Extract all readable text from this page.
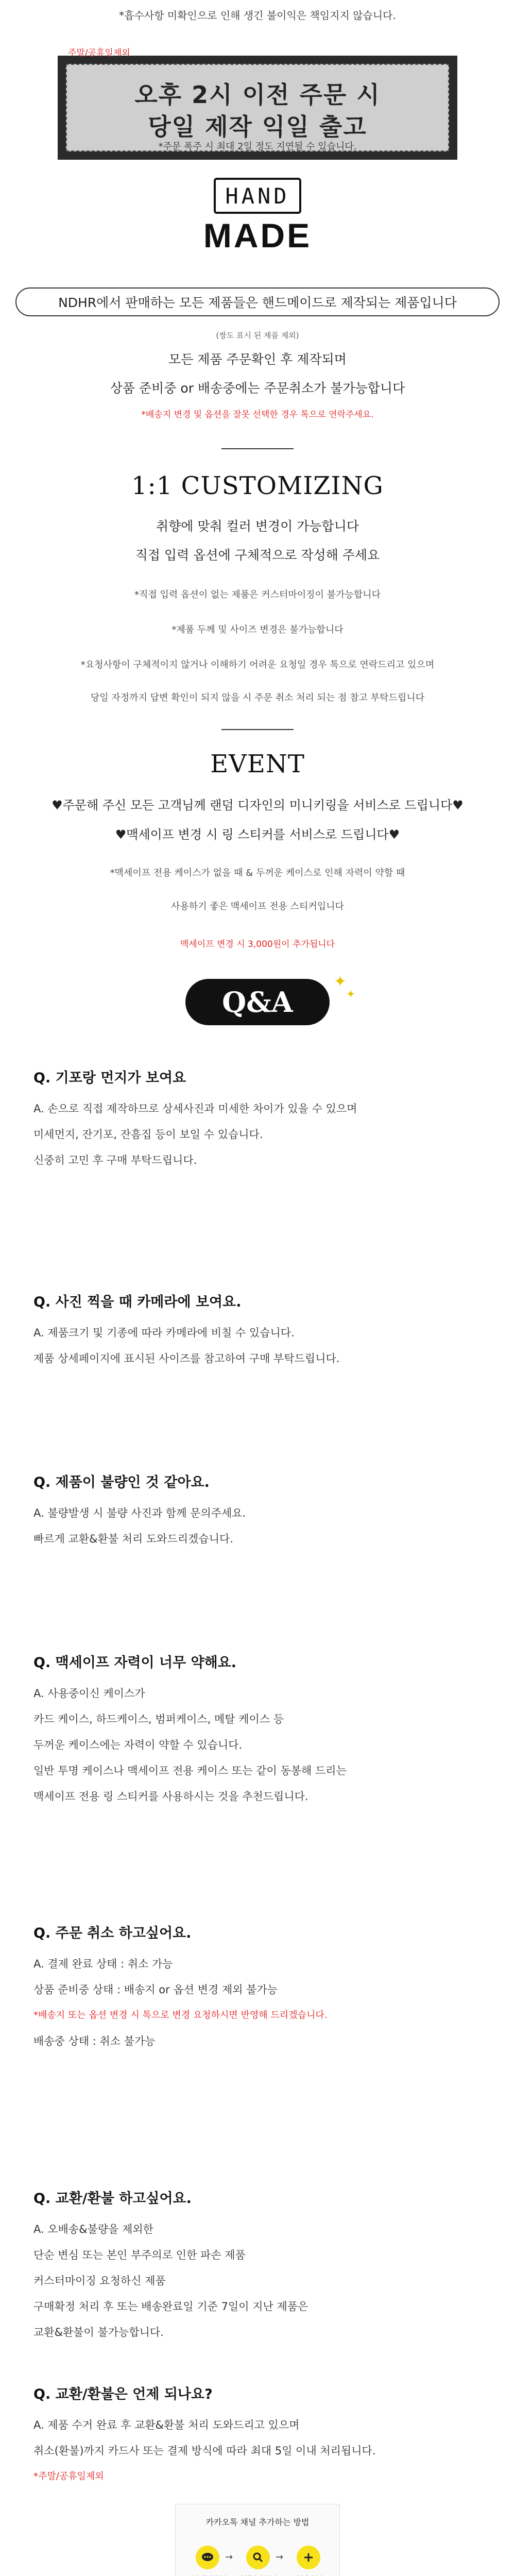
*흡수사항 미확인으로 인해 생긴 불이익은 책임지지 않습니다.
주말/공휴일제외
오후 2시 이전 주문 시
당일 제작 익일 출고
*주문 폭주 시 최대 2일 정도 지연될 수 있습니다.
HAND
MADE
NDHR에서 판매하는 모든 제품들은 핸드메이드로 제작되는 제품입니다
(쌍도 표시 된 제품 제외)
모든 제품 주문확인 후 제작되며
상품 준비중 or 배송중에는 주문취소가 불가능합니다
*배송지 변경 및 옵션을 잘못 선택한 경우 톡으로 연락주세요.
1:1 CUSTOMIZING
취향에 맞춰 컬러 변경이 가능합니다
직접 입력 옵션에 구체적으로 작성해 주세요
*직접 입력 옵션이 없는 제품은 커스터마이징이 불가능합니다
*제품 두께 및 사이즈 변경은 불가능합니다
*요청사항이 구체적이지 않거나 이해하기 어려운 요청일 경우 톡으로 연락드리고 있으며
당일 자정까지 답변 확인이 되지 않을 시 주문 취소 처리 되는 점 참고 부탁드립니다
EVENT
♥주문해 주신 모든 고객님께 랜덤 디자인의 미니키링을 서비스로 드립니다♥
♥맥세이프 변경 시 링 스티커를 서비스로 드립니다♥
*맥세이프 전용 케이스가 없을 때 & 두꺼운 케이스로 인해 자력이 약할 때
사용하기 좋은 맥세이프 전용 스티커입니다
맥세이프 변경 시 3,000원이 추가됩니다
Q&A
✦
✦
Q. 기포랑 먼지가 보여요
A. 손으로 직접 제작하므로 상세사진과 미세한 차이가 있을 수 있으며
미세먼지, 잔기포, 잔흠집 등이 보일 수 있습니다.
신중히 고민 후 구매 부탁드립니다.
Q. 사진 찍을 때 카메라에 보여요.
A. 제품크기 및 기종에 따라 카메라에 비칠 수 있습니다.
제품 상세페이지에 표시된 사이즈를 참고하여 구매 부탁드립니다.
Q. 제품이 불량인 것 같아요.
A. 불량발생 시 불량 사진과 함께 문의주세요.
빠르게 교환&환불 처리 도와드리겠습니다.
Q. 맥세이프 자력이 너무 약해요.
A. 사용중이신 케이스가
카드 케이스, 하드케이스, 범퍼케이스, 메탈 케이스 등
두꺼운 케이스에는 자력이 약할 수 있습니다.
일반 투명 케이스나 맥세이프 전용 케이스 또는 같이 동봉해 드리는
맥세이프 전용 링 스티커를 사용하시는 것을 추천드립니다.
Q. 주문 취소 하고싶어요.
A. 결제 완료 상태 : 취소 가능
상품 준비중 상태 : 배송지 or 옵션 변경 제외 불가능
*배송지 또는 옵션 변경 시 톡으로 변경 요청하시면 반영해 드리겠습니다.
배송중 상태 : 취소 불가능
Q. 교환/환불 하고싶어요.
A. 오배송&불량을 제외한
단순 변심 또는 본인 부주의로 인한 파손 제품
커스터마이징 요청하신 제품
구매확정 처리 후 또는 배송완료일 기준 7일이 지난 제품은
교환&환불이 불가능합니다.
Q. 교환/환불은 언제 되나요?
A. 제품 수거 완료 후 교환&환불 처리 도와드리고 있으며
취소(환불)까지 카드사 또는 결제 방식에 따라 최대 5일 이내 처리됩니다.
*주말/공휴일제외
카카오톡 채널 추가하는 방법
→	→
